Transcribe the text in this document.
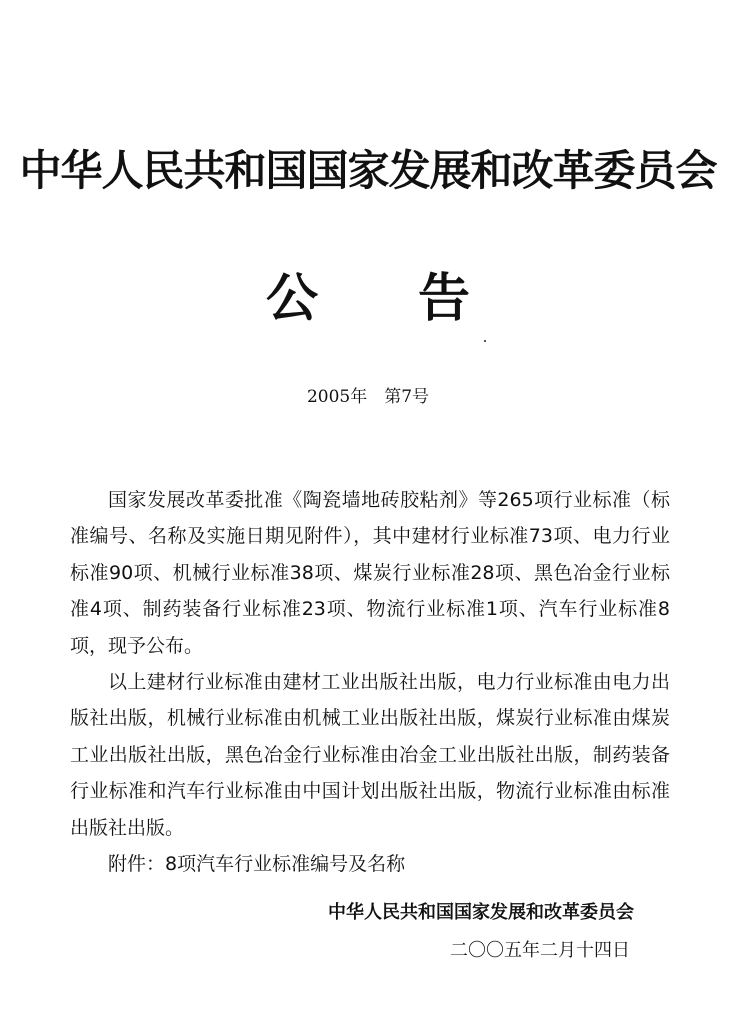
中华人民共和国国家发展和改革委员会
公告
2005年　第7号

国家发展改革委批准《陶瓷墙地砖胶粘剂》等265项行业标准（标准编号、名称及实施日期见附件），其中建材行业标准73项、电力行业标准90项、机械行业标准38项、煤炭行业标准28项、黑色冶金行业标准4项、制药装备行业标准23项、物流行业标准1项、汽车行业标准8项，现予公布。

以上建材行业标准由建材工业出版社出版，电力行业标准由电力出版社出版，机械行业标准由机械工业出版社出版，煤炭行业标准由煤炭工业出版社出版，黑色冶金行业标准由冶金工业出版社出版，制药装备行业标准和汽车行业标准由中国计划出版社出版，物流行业标准由标准出版社出版。

附件：8项汽车行业标准编号及名称

中华人民共和国国家发展和改革委员会
二〇〇五年二月十四日
